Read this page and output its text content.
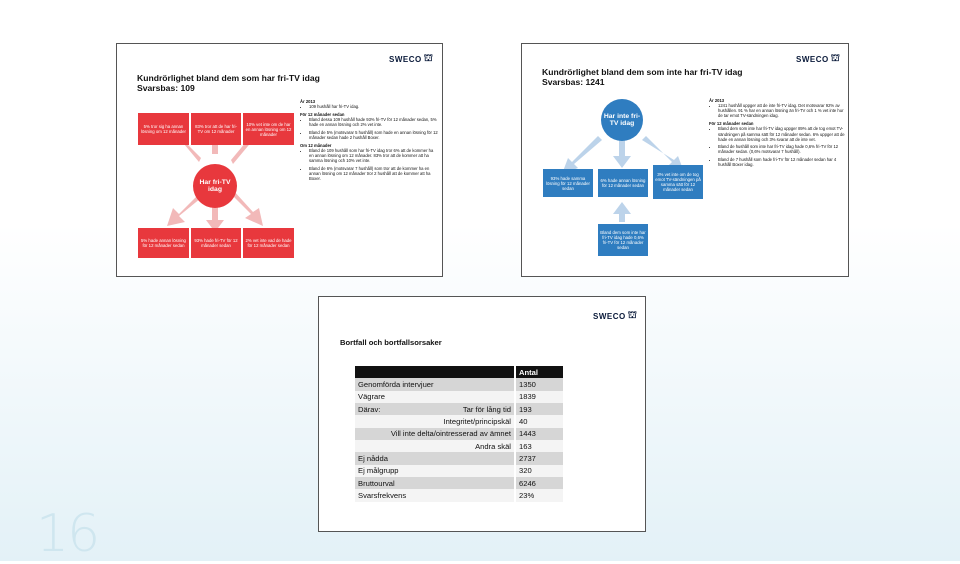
SWECO ⛫
Kundrörlighet bland dem som har fri-TV idag
Svarsbas: 109
5% tror sig ha annan lösning om 12 månader
83% tror att de har fri-TV om 12 månader
10% vet inte om de har en annan lösning om 12 månader
Har fri-TV idag
5% hade annan lösning för 12 månader sedan
93% hade fri-TV för 12 månader sedan
2% vet inte vad de hade för 12 månader sedan
År 2013
• 109 hushåll har fri-TV idag.
För 12 månader sedan
• Bland dessa 109 hushåll hade 93% fri-TV för 12 månader sedan, 5% hade en annan lösning och 2% vet inte.
• Bland de 5% (motsvarar 5 hushåll) som hade en annan lösning för 12 månader sedan hade 2 hushåll Boxer.
Om 12 månader
• Bland de 109 hushåll som har fri-TV idag tror 6% att de kommer ha en annan lösning om 12 månader. 83% tror att de kommer att ha samma lösning och 10% vet inte.
• Bland de 6% (motsvarar 7 hushåll) som tror att de kommer ha en annan lösning om 12 månader tror 2 hushåll att de kommer att ha Boxer.
SWECO ⛫
Kundrörlighet bland dem som inte har fri-TV idag
Svarsbas: 1241
Har inte fri-TV idag
93% hade samma lösning för 12 månader sedan
6% hade annan lösning för 12 månader sedan
3% vet inte om de tog emot TV-sändningen på samma sätt för 12 månader sedan
Bland dem som inte har fri-TV idag hade 0,6% fri-TV för 12 månader sedan
År 2013
• 1241 hushåll uppger att de inte fri-TV idag. Det motsvarar 92% av hushållen. 91 % har en annan lösning än fri-TV och 1 % vet inte hur de tar emot TV-sändningen idag.
För 12 månader sedan
• Bland dem som inte har fri-TV idag uppger 89% att de tog emot TV-sändningen på samma sätt för 12 månader sedan. 6% uppger att de hade en annan lösning och 3% svarar att de inte vet.
• Bland de hushåll som inte har fri-TV idag hade 0,6% fri-TV för 12 månader sedan. (0,6% motsvarar 7 hushåll).
• Bland de 7 hushåll som hade fri-TV för 12 månader sedan har 4 hushåll Boxer idag.
SWECO ⛫
Bortfall och bortfallsorsaker
	Antal
Genomförda intervjuer	1350
Vägrare	1839

Därav: Tar för lång tid	193
Integritet/principskäl	40
Vill inte delta/ointresserad av ämnet	1443
Andra skäl	163
Ej nådda	2737
Ej målgrupp	320
Bruttourval	6246
Svarsfrekvens	23%
16
